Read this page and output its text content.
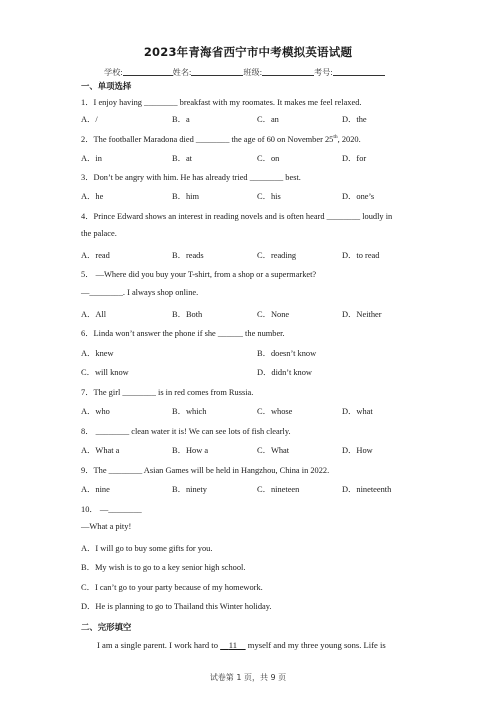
2023年青海省西宁市中考模拟英语试题
学校:	姓名:	班级:	考号:
一、单项选择
1．I enjoy having ________ breakfast with my roomates. It makes me feel relaxed.
A．/	B．a	C．an	D．the
2．The footballer Maradona died ________ the age of 60 on November 25th, 2020.
A．in	B．at	C．on	D．for
3．Don’t be angry with him. He has already tried ________ best.
A．he	B．him	C．his	D．one’s
4．Prince Edward shows an interest in reading novels and is often heard ________ loudly in
the palace.
A．read	B．reads	C．reading	D．to read
5． —Where did you buy your T-shirt, from a shop or a supermarket?
—________. I always shop online.
A．All	B．Both	C．None	D．Neither
6．Linda won’t answer the phone if she ______ the number.
A．knew	B．doesn’t know
C．will know	D．didn’t know
7．The girl ________ is in red comes from Russia.
A．who	B．which	C．whose	D．what
8． ________ clean water it is! We can see lots of fish clearly.
A．What a	B．How a	C．What	D．How
9．The ________ Asian Games will be held in Hangzhou, China in 2022.
A．nine	B．ninety	C．nineteen	D．nineteenth
10． —________
—What a pity!
A．I will go to buy some gifts for you.
B．My wish is to go to a key senior high school.
C．I can’t go to your party because of my homework.
D．He is planning to go to Thailand this Winter holiday.
二、完形填空
I am a single parent. I work hard to     11     myself and my three young sons. Life is
试卷第 1 页，共 9 页
